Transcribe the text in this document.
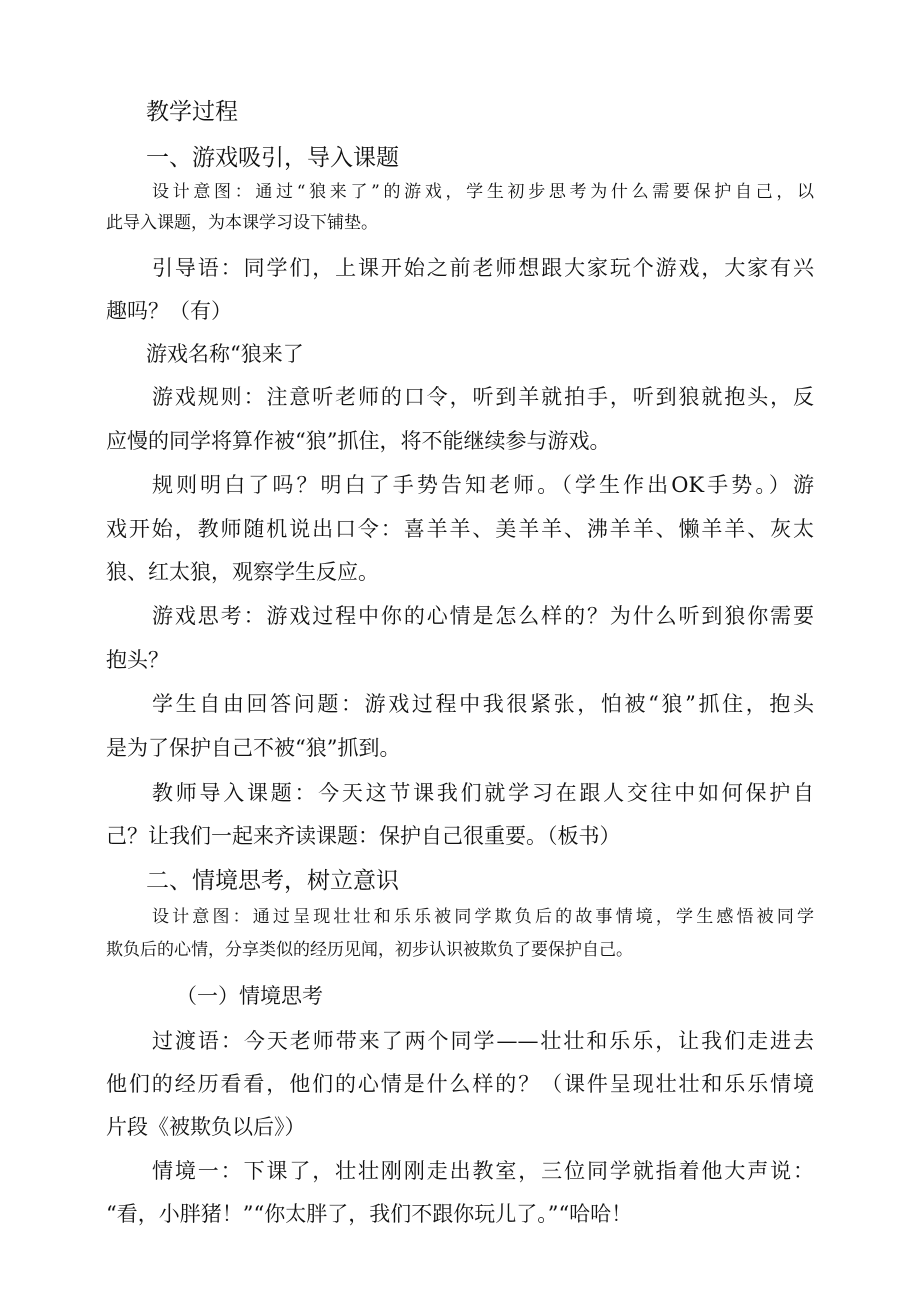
教学过程
一、游戏吸引，导入课题
设计意图：通过“狼来了”的游戏，学生初步思考为什么需要保护自己，以
此导入课题，为本课学习设下铺垫。
引导语：同学们，上课开始之前老师想跟大家玩个游戏，大家有兴
趣吗？（有）
游戏名称“狼来了
游戏规则：注意听老师的口令，听到羊就拍手，听到狼就抱头，反
应慢的同学将算作被“狼”抓住，将不能继续参与游戏。
规则明白了吗？明白了手势告知老师。（学生作出OK手势。）游
戏开始，教师随机说出口令：喜羊羊、美羊羊、沸羊羊、懒羊羊、灰太
狼、红太狼，观察学生反应。
游戏思考：游戏过程中你的心情是怎么样的？为什么听到狼你需要
抱头？
学生自由回答问题：游戏过程中我很紧张，怕被“狼”抓住，抱头
是为了保护自己不被“狼”抓到。
教师导入课题：今天这节课我们就学习在跟人交往中如何保护自
己？让我们一起来齐读课题：保护自己很重要。（板书）
二、情境思考，树立意识
设计意图：通过呈现壮壮和乐乐被同学欺负后的故事情境，学生感悟被同学
欺负后的心情，分享类似的经历见闻，初步认识被欺负了要保护自己。
（一）情境思考
过渡语：今天老师带来了两个同学——壮壮和乐乐，让我们走进去
他们的经历看看，他们的心情是什么样的？（课件呈现壮壮和乐乐情境
片段《被欺负以后》）
情境一：下课了，壮壮刚刚走出教室，三位同学就指着他大声说：
“看，小胖猪！”“你太胖了，我们不跟你玩儿了。”“哈哈！
